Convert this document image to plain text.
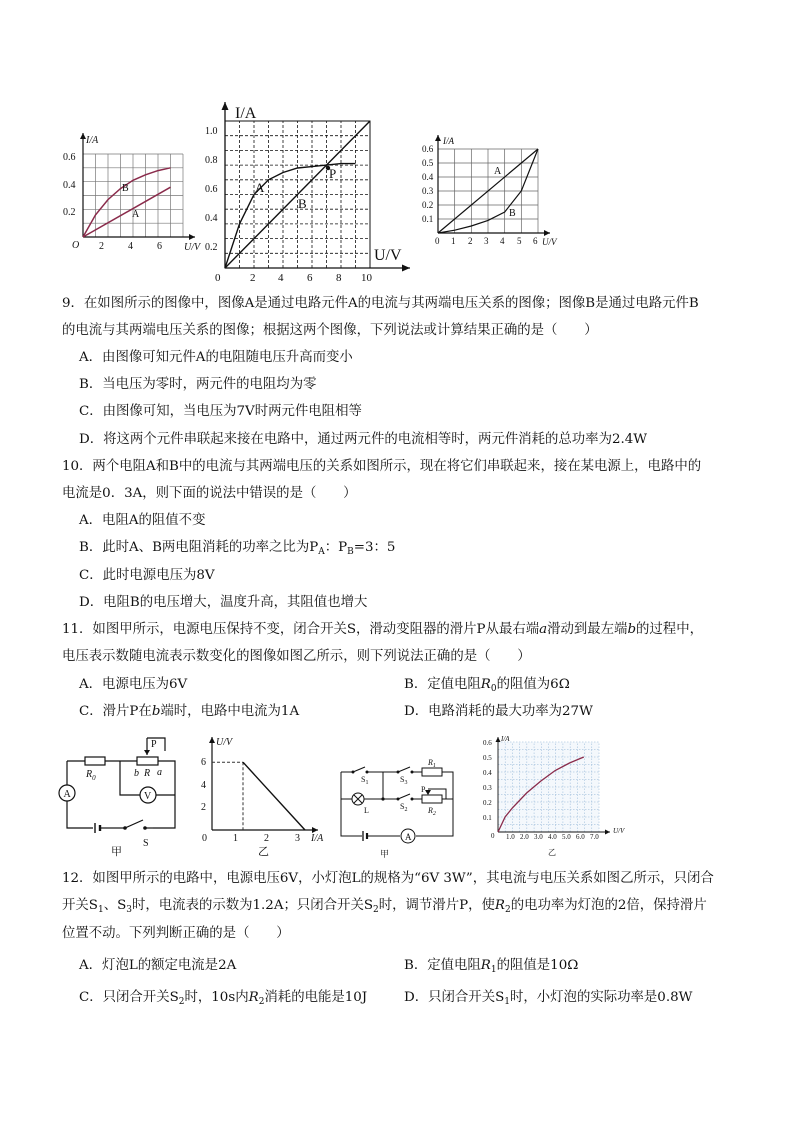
I/A
U/V
O
0.6
0.4
0.2
2 4 6
B
A
I/A
U/V
1.0
0.8
0.6
0.4
0.2
0	2 4 6 8 10
A
B
P
I/A
U/V
0.6
0.5
0.4
0.3
0.2
0.1
0 1 2 3 4 5 6
A
B
9．在如图所示的图像中，图像A是通过电路元件A的电流与其两端电压关系的图像；图像B是通过电路元件B
的电流与其两端电压关系的图像；根据这两个图像，下列说法或计算结果正确的是（　　）
A．由图像可知元件A的电阻随电压升高而变小
B．当电压为零时，两元件的电阻均为零
C．由图像可知，当电压为7V时两元件电阻相等
D．将这两个元件串联起来接在电路中，通过两元件的电流相等时，两元件消耗的总功率为2.4W
10．两个电阻A和B中的电流与其两端电压的关系如图所示，现在将它们串联起来，接在某电源上，电路中的
电流是0．3A，则下面的说法中错误的是（　　）
A．电阻A的阻值不变
B．此时A、B两电阻消耗的功率之比为$P_A$：$P_B=3$：5
C．此时电源电压为8V
D．电阻B的电压增大，温度升高，其阻值也增大
11．如图甲所示，电源电压保持不变，闭合开关S，滑动变阻器的滑片P从最右端a滑动到最左端b的过程中，
电压表示数随电流表示数变化的图像如图乙所示，则下列说法正确的是（　　）
A．电源电压为6V	B．定值电阻$R_0$的阻值为6Ω
C．滑片P在b端时，电路中电流为1A	D．电路消耗的最大功率为27W
A	V
$R_0$	b R a
P
S
甲
U/V
I/A
6
4
2
0	1	2	3
乙
A
$S_1$	$S_3$
$S_2$
$R_1$
$R_2$
P
L
甲
I/A
U/V
0.6
0.5
0.4
0.3
0.2
0.1
0 1.0 2.0 3.0 4.0 5.0 6.0 7.0
乙
12．如图甲所示的电路中，电源电压6V，小灯泡L的规格为“6V 3W”，其电流与电压关系如图乙所示，只闭合
开关$S_1$、$S_3$时，电流表的示数为1.2A；只闭合开关$S_2$时，调节滑片P，使$R_2$的电功率为灯泡的2倍，保持滑片
位置不动。下列判断正确的是（　　）
A．灯泡L的额定电流是2A	B．定值电阻$R_1$的阻值是10Ω
C．只闭合开关$S_2$时，10s内$R_2$消耗的电能是10J	D．只闭合开关$S_1$时，小灯泡的实际功率是0.8W
